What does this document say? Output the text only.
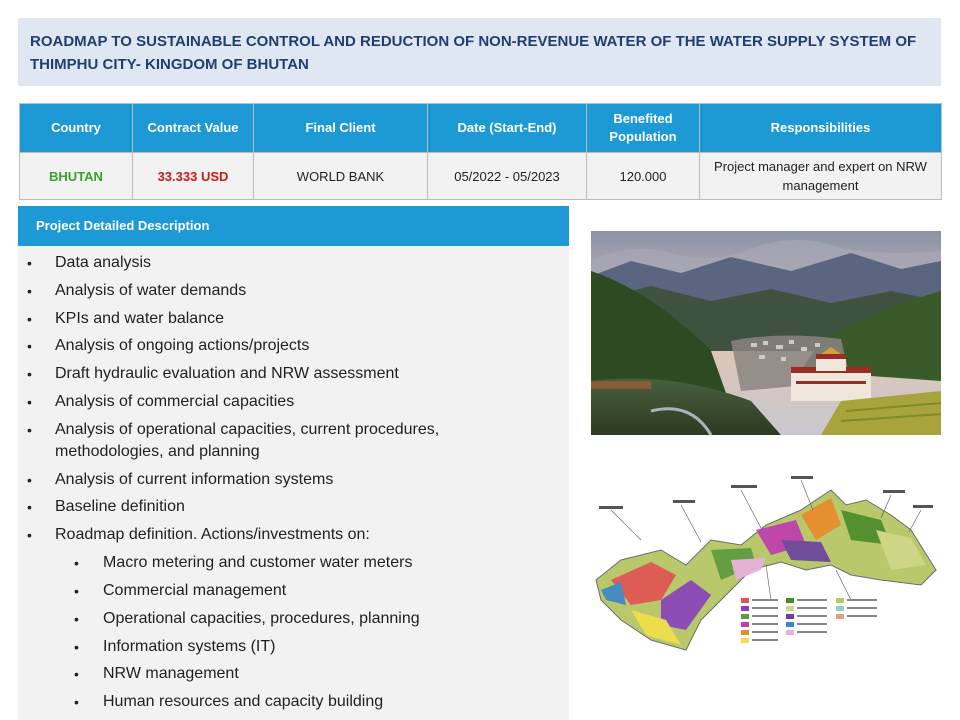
ROADMAP TO SUSTAINABLE CONTROL AND REDUCTION OF NON-REVENUE WATER OF THE WATER SUPPLY SYSTEM OF THIMPHU CITY- KINGDOM OF BHUTAN
Country	Contract Value	Final Client	Date (Start-End)	Benefited Population	Responsibilities
BHUTAN	33.333 USD	WORLD BANK	05/2022 - 05/2023	120.000	Project manager and expert on NRW management
Project Detailed Description
• Data analysis
• Analysis of water demands
• KPIs and water balance
• Analysis of ongoing actions/projects
• Draft hydraulic evaluation and NRW assessment
• Analysis of commercial capacities
• Analysis of operational capacities, current procedures, methodologies, and planning
• Analysis of current information systems
• Baseline definition
• Roadmap definition. Actions/investments on:
• Macro metering and customer water meters
• Commercial management
• Operational capacities, procedures, planning
• Information systems (IT)
• NRW management
• Human resources and capacity building
